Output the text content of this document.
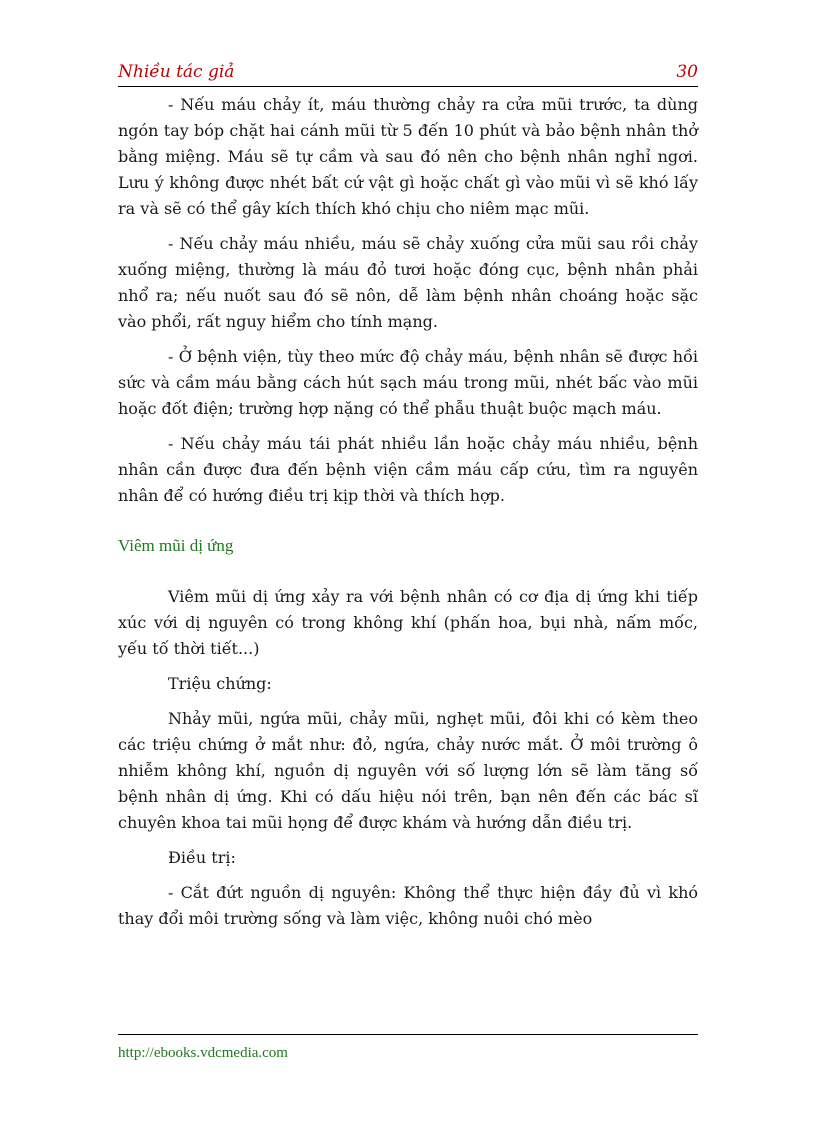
Nhiều tác giả	30

- Nếu máu chảy ít, máu thường chảy ra cửa mũi trước, ta dùng ngón tay bóp chặt hai cánh mũi từ 5 đến 10 phút và bảo bệnh nhân thở bằng miệng. Máu sẽ tự cầm và sau đó nên cho bệnh nhân nghỉ ngơi. Lưu ý không được nhét bất cứ vật gì hoặc chất gì vào mũi vì sẽ khó lấy ra và sẽ có thể gây kích thích khó chịu cho niêm mạc mũi.

- Nếu chảy máu nhiều, máu sẽ chảy xuống cửa mũi sau rồi chảy xuống miệng, thường là máu đỏ tươi hoặc đóng cục, bệnh nhân phải nhổ ra; nếu nuốt sau đó sẽ nôn, dễ làm bệnh nhân choáng hoặc sặc vào phổi, rất nguy hiểm cho tính mạng.

- Ở bệnh viện, tùy theo mức độ chảy máu, bệnh nhân sẽ được hồi sức và cầm máu bằng cách hút sạch máu trong mũi, nhét bấc vào mũi hoặc đốt điện; trường hợp nặng có thể phẫu thuật buộc mạch máu.

- Nếu chảy máu tái phát nhiều lần hoặc chảy máu nhiều, bệnh nhân cần được đưa đến bệnh viện cầm máu cấp cứu, tìm ra nguyên nhân để có hướng điều trị kịp thời và thích hợp.

Viêm mũi dị ứng

Viêm mũi dị ứng xảy ra với bệnh nhân có cơ địa dị ứng khi tiếp xúc với dị nguyên có trong không khí (phấn hoa, bụi nhà, nấm mốc, yếu tố thời tiết...)

Triệu chứng:

Nhảy mũi, ngứa mũi, chảy mũi, nghẹt mũi, đôi khi có kèm theo các triệu chứng ở mắt như: đỏ, ngứa, chảy nước mắt. Ở môi trường ô nhiễm không khí, nguồn dị nguyên với số lượng lớn sẽ làm tăng số bệnh nhân dị ứng. Khi có dấu hiệu nói trên, bạn nên đến các bác sĩ chuyên khoa tai mũi họng để được khám và hướng dẫn điều trị.

Điều trị:

- Cắt đứt nguồn dị nguyên: Không thể thực hiện đầy đủ vì khó thay đổi môi trường sống và làm việc, không nuôi chó mèo

http://ebooks.vdcmedia.com
